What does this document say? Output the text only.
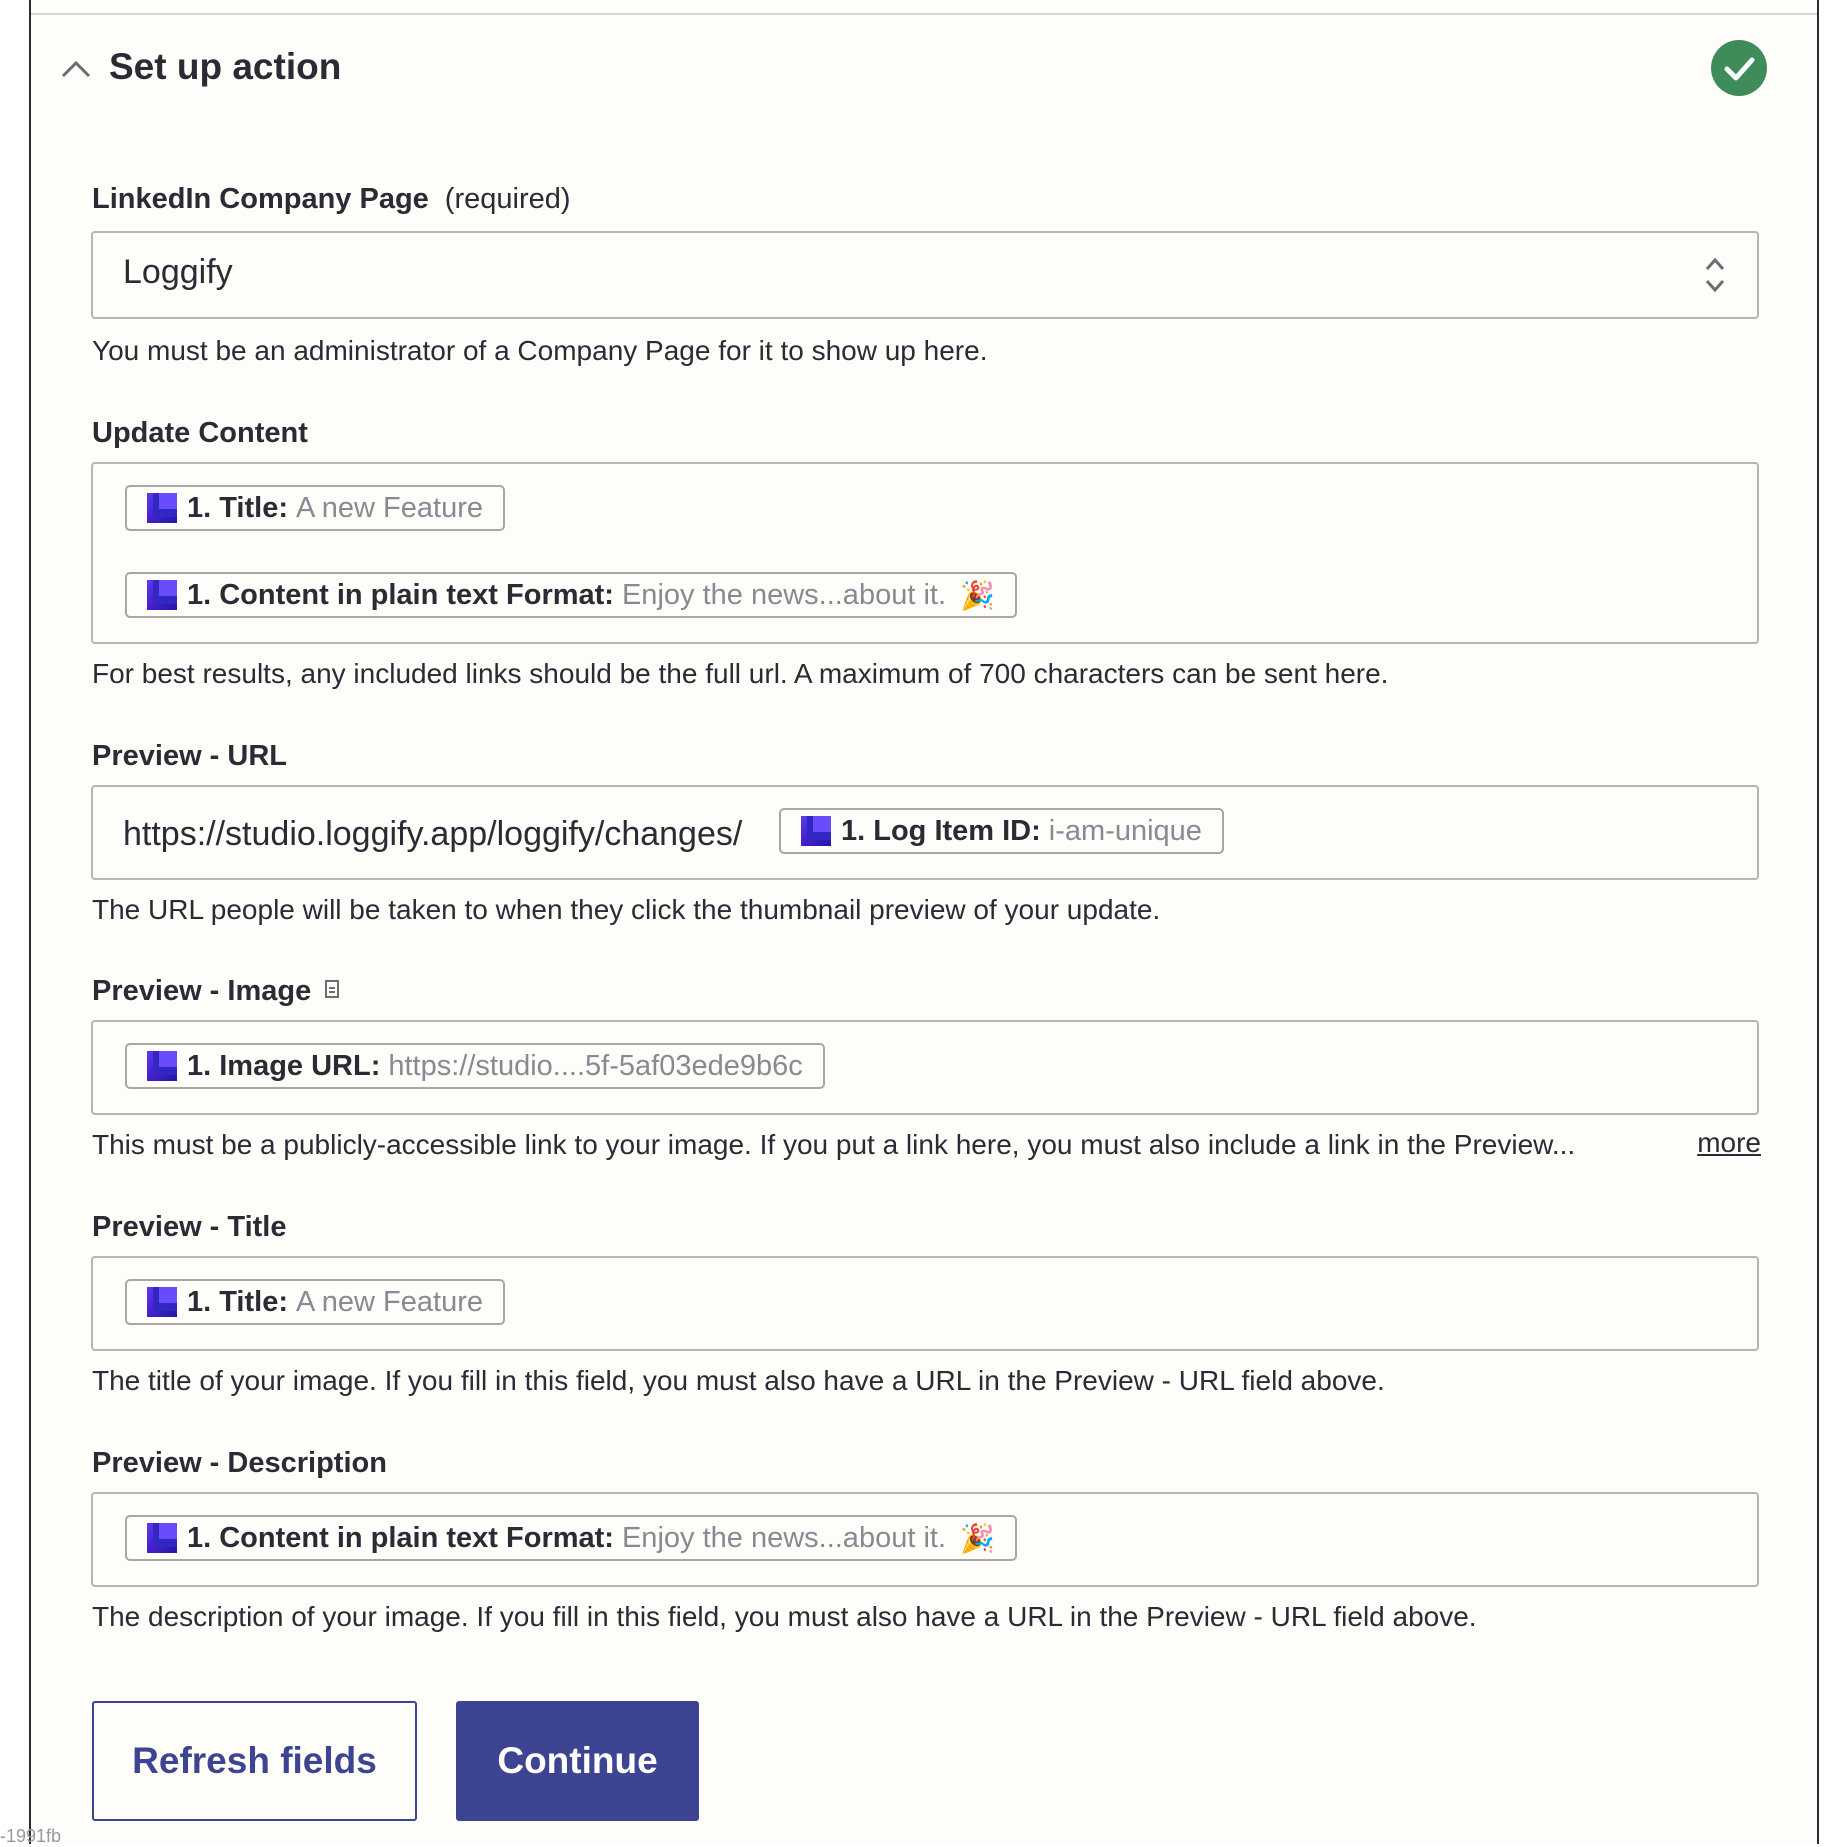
Set up action
LinkedIn Company Page (required)
Loggify
You must be an administrator of a Company Page for it to show up here.
Update Content
1. Title: A new Feature
1. Content in plain text Format: Enjoy the news...about it. 🎉
For best results, any included links should be the full url. A maximum of 700 characters can be sent here.
Preview - URL
https://studio.loggify.app/loggify/changes/	1. Log Item ID: i-am-unique
The URL people will be taken to when they click the thumbnail preview of your update.
Preview - Image
1. Image URL: https://studio....5f-5af03ede9b6c
This must be a publicly-accessible link to your image. If you put a link here, you must also include a link in the Preview...	more
Preview - Title
1. Title: A new Feature
The title of your image. If you fill in this field, you must also have a URL in the Preview - URL field above.
Preview - Description
1. Content in plain text Format: Enjoy the news...about it. 🎉
The description of your image. If you fill in this field, you must also have a URL in the Preview - URL field above.
Refresh fields	Continue
-1991fb
